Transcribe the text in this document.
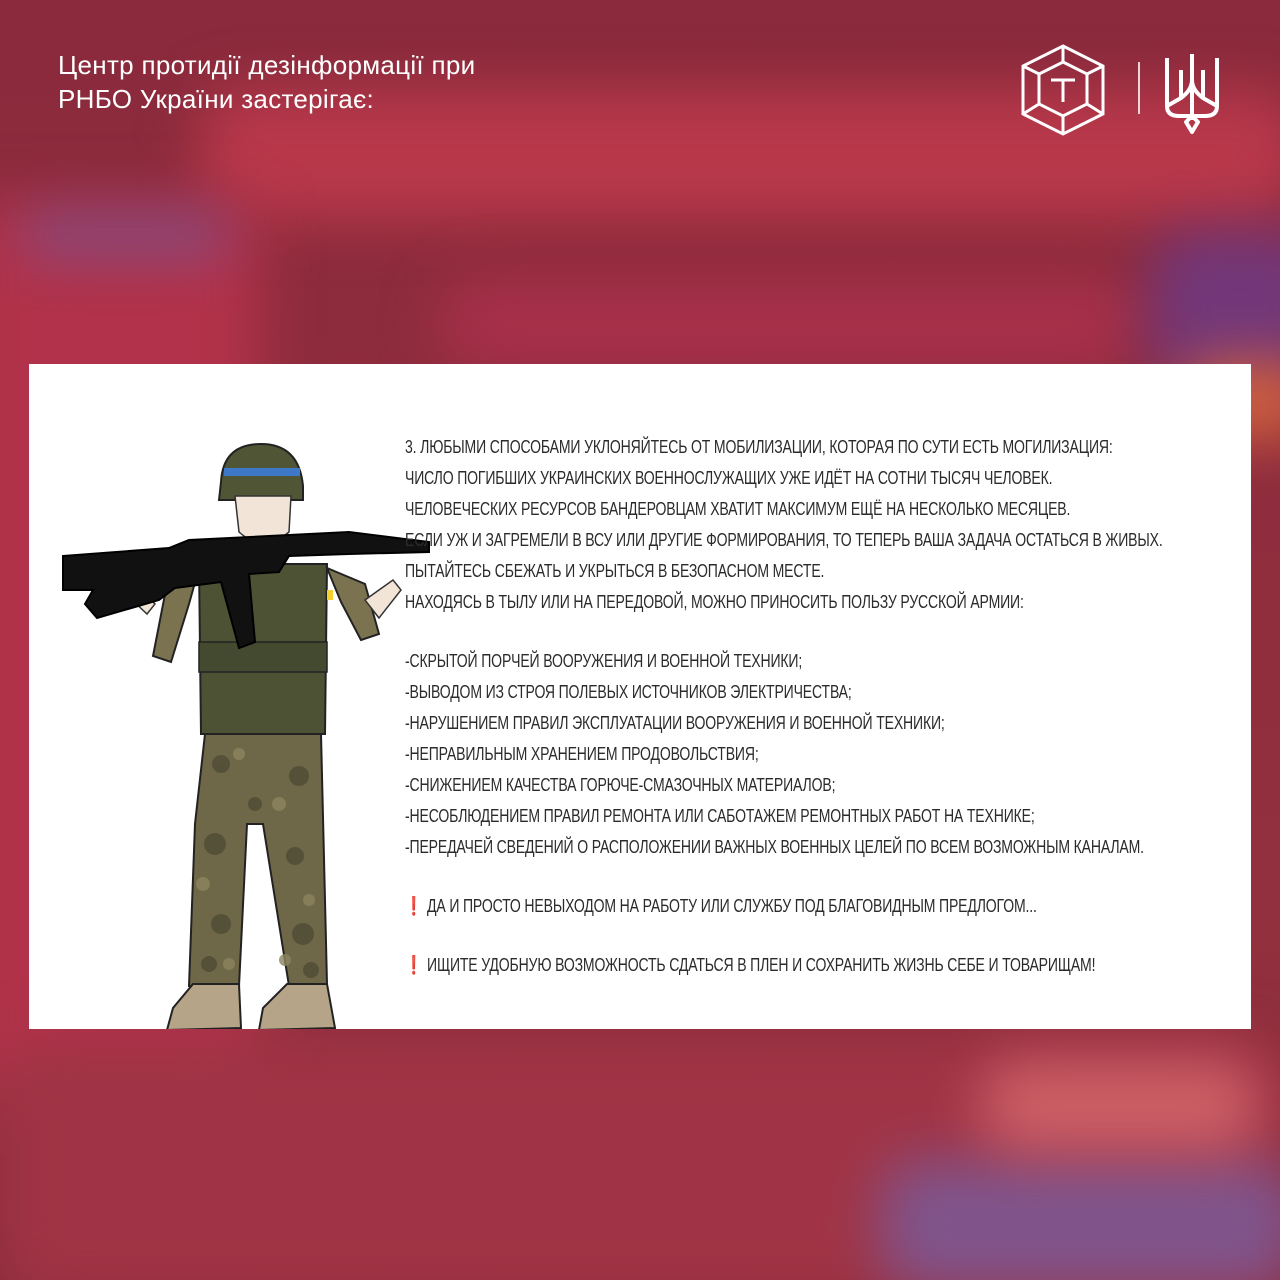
Центр протидії дезінформації при
РНБО України застерігає:
3. ЛЮБЫМИ СПОСОБАМИ УКЛОНЯЙТЕСЬ ОТ МОБИЛИЗАЦИИ, КОТОРАЯ ПО СУТИ ЕСТЬ МОГИЛИЗАЦИЯ:
ЧИСЛО ПОГИБШИХ УКРАИНСКИХ ВОЕННОСЛУЖАЩИХ УЖЕ ИДЁТ НА СОТНИ ТЫСЯЧ ЧЕЛОВЕК.
ЧЕЛОВЕЧЕСКИХ РЕСУРСОВ БАНДЕРОВЦАМ ХВАТИТ МАКСИМУМ ЕЩЁ НА НЕСКОЛЬКО МЕСЯЦЕВ.
ЕСЛИ УЖ И ЗАГРЕМЕЛИ В ВСУ ИЛИ ДРУГИЕ ФОРМИРОВАНИЯ, ТО ТЕПЕРЬ ВАША ЗАДАЧА ОСТАТЬСЯ В ЖИВЫХ.
ПЫТАЙТЕСЬ СБЕЖАТЬ И УКРЫТЬСЯ В БЕЗОПАСНОМ МЕСТЕ.
НАХОДЯСЬ В ТЫЛУ ИЛИ НА ПЕРЕДОВОЙ, МОЖНО ПРИНОСИТЬ ПОЛЬЗУ РУССКОЙ АРМИИ:
-СКРЫТОЙ ПОРЧЕЙ ВООРУЖЕНИЯ И ВОЕННОЙ ТЕХНИКИ;
-ВЫВОДОМ ИЗ СТРОЯ ПОЛЕВЫХ ИСТОЧНИКОВ ЭЛЕКТРИЧЕСТВА;
-НАРУШЕНИЕМ ПРАВИЛ ЭКСПЛУАТАЦИИ ВООРУЖЕНИЯ И ВОЕННОЙ ТЕХНИКИ;
-НЕПРАВИЛЬНЫМ ХРАНЕНИЕМ ПРОДОВОЛЬСТВИЯ;
-СНИЖЕНИЕМ КАЧЕСТВА ГОРЮЧЕ-СМАЗОЧНЫХ МАТЕРИАЛОВ;
-НЕСОБЛЮДЕНИЕМ ПРАВИЛ РЕМОНТА ИЛИ САБОТАЖЕМ РЕМОНТНЫХ РАБОТ НА ТЕХНИКЕ;
-ПЕРЕДАЧЕЙ СВЕДЕНИЙ О РАСПОЛОЖЕНИИ ВАЖНЫХ ВОЕННЫХ ЦЕЛЕЙ ПО ВСЕМ ВОЗМОЖНЫМ КАНАЛАМ.
❗ ДА И ПРОСТО НЕВЫХОДОМ НА РАБОТУ ИЛИ СЛУЖБУ ПОД БЛАГОВИДНЫМ ПРЕДЛОГОМ...
❗ ИЩИТЕ УДОБНУЮ ВОЗМОЖНОСТЬ СДАТЬСЯ В ПЛЕН И СОХРАНИТЬ ЖИЗНЬ СЕБЕ И ТОВАРИЩАМ!
